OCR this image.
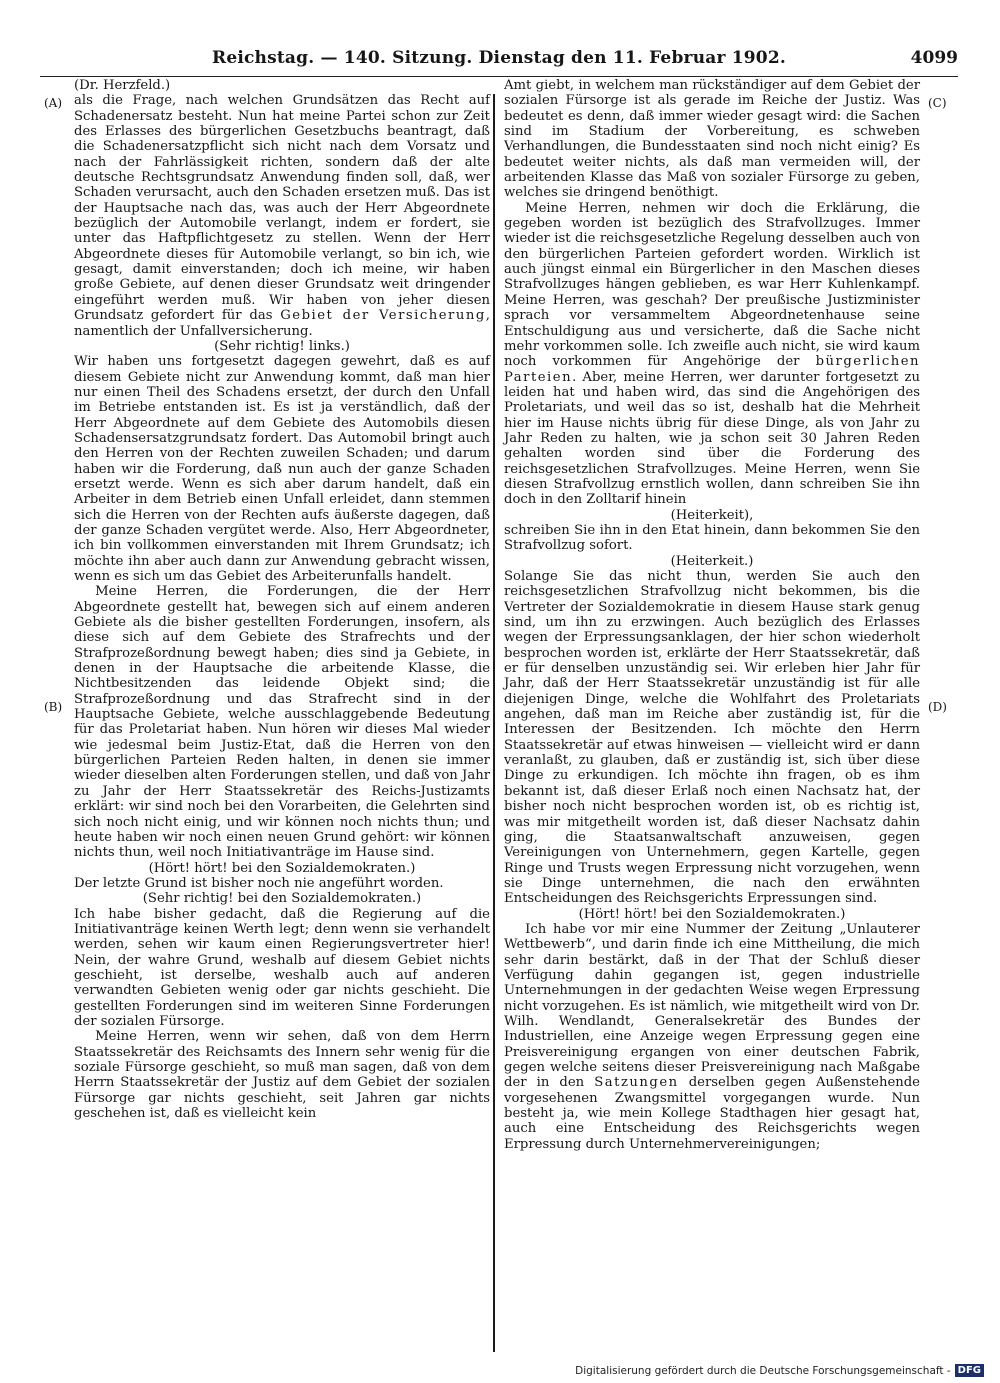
Reichstag. — 140. Sitzung. Dienstag den 11. Februar 1902.	4099
(A)
(B)
(C)
(D)

(Dr. Herzfeld.)

als die Frage, nach welchen Grundsätzen das Recht auf Schadenersatz besteht. Nun hat meine Partei schon zur Zeit des Erlasses des bürgerlichen Gesetzbuchs beantragt, daß die Schadenersatzpflicht sich nicht nach dem Vorsatz und nach der Fahrlässigkeit richten, sondern daß der alte deutsche Rechtsgrundsatz Anwendung finden soll, daß, wer Schaden verursacht, auch den Schaden ersetzen muß. Das ist der Hauptsache nach das, was auch der Herr Abgeordnete bezüglich der Automobile verlangt, indem er fordert, sie unter das Haftpflichtgesetz zu stellen. Wenn der Herr Abgeordnete dieses für Automobile verlangt, so bin ich, wie gesagt, damit einverstanden; doch ich meine, wir haben große Gebiete, auf denen dieser Grundsatz weit dringender eingeführt werden muß. Wir haben von jeher diesen Grundsatz gefordert für das Gebiet der Versicherung, namentlich der Unfallversicherung.

(Sehr richtig! links.)

Wir haben uns fortgesetzt dagegen gewehrt, daß es auf diesem Gebiete nicht zur Anwendung kommt, daß man hier nur einen Theil des Schadens ersetzt, der durch den Unfall im Betriebe entstanden ist. Es ist ja verständlich, daß der Herr Abgeordnete auf dem Gebiete des Automobils diesen Schadensersatzgrundsatz fordert. Das Automobil bringt auch den Herren von der Rechten zuweilen Schaden; und darum haben wir die Forderung, daß nun auch der ganze Schaden ersetzt werde. Wenn es sich aber darum handelt, daß ein Arbeiter in dem Betrieb einen Unfall erleidet, dann stemmen sich die Herren von der Rechten aufs äußerste dagegen, daß der ganze Schaden vergütet werde. Also, Herr Abgeordneter, ich bin vollkommen einverstanden mit Ihrem Grundsatz; ich möchte ihn aber auch dann zur Anwendung gebracht wissen, wenn es sich um das Gebiet des Arbeiterunfalls handelt.

Meine Herren, die Forderungen, die der Herr Abgeordnete gestellt hat, bewegen sich auf einem anderen Gebiete als die bisher gestellten Forderungen, insofern, als diese sich auf dem Gebiete des Strafrechts und der Strafprozeßordnung bewegt haben; dies sind ja Gebiete, in denen in der Hauptsache die arbeitende Klasse, die Nichtbesitzenden das leidende Objekt sind; die Strafprozeßordnung und das Strafrecht sind in der Hauptsache Gebiete, welche ausschlaggebende Bedeutung für das Proletariat haben. Nun hören wir dieses Mal wieder wie jedesmal beim Justiz-Etat, daß die Herren von den bürgerlichen Parteien Reden halten, in denen sie immer wieder dieselben alten Forderungen stellen, und daß von Jahr zu Jahr der Herr Staatssekretär des Reichs-Justizamts erklärt: wir sind noch bei den Vorarbeiten, die Gelehrten sind sich noch nicht einig, und wir können noch nichts thun; und heute haben wir noch einen neuen Grund gehört: wir können nichts thun, weil noch Initiativanträge im Hause sind.

(Hört! hört! bei den Sozialdemokraten.)

Der letzte Grund ist bisher noch nie angeführt worden.

(Sehr richtig! bei den Sozialdemokraten.)

Ich habe bisher gedacht, daß die Regierung auf die Initiativanträge keinen Werth legt; denn wenn sie verhandelt werden, sehen wir kaum einen Regierungsvertreter hier! Nein, der wahre Grund, weshalb auf diesem Gebiet nichts geschieht, ist derselbe, weshalb auch auf anderen verwandten Gebieten wenig oder gar nichts geschieht. Die gestellten Forderungen sind im weiteren Sinne Forderungen der sozialen Fürsorge.

Meine Herren, wenn wir sehen, daß von dem Herrn Staatssekretär des Reichsamts des Innern sehr wenig für die soziale Fürsorge geschieht, so muß man sagen, daß von dem Herrn Staatssekretär der Justiz auf dem Gebiet der sozialen Fürsorge gar nichts geschieht, seit Jahren gar nichts geschehen ist, daß es vielleicht kein

Amt giebt, in welchem man rückständiger auf dem Gebiet der sozialen Fürsorge ist als gerade im Reiche der Justiz. Was bedeutet es denn, daß immer wieder gesagt wird: die Sachen sind im Stadium der Vorbereitung, es schweben Verhandlungen, die Bundesstaaten sind noch nicht einig? Es bedeutet weiter nichts, als daß man vermeiden will, der arbeitenden Klasse das Maß von sozialer Fürsorge zu geben, welches sie dringend benöthigt.

Meine Herren, nehmen wir doch die Erklärung, die gegeben worden ist bezüglich des Strafvollzuges. Immer wieder ist die reichsgesetzliche Regelung desselben auch von den bürgerlichen Parteien gefordert worden. Wirklich ist auch jüngst einmal ein Bürgerlicher in den Maschen dieses Strafvollzuges hängen geblieben, es war Herr Kuhlenkampf. Meine Herren, was geschah? Der preußische Justizminister sprach vor versammeltem Abgeordnetenhause seine Entschuldigung aus und versicherte, daß die Sache nicht mehr vorkommen solle. Ich zweifle auch nicht, sie wird kaum noch vorkommen für Angehörige der bürgerlichen Parteien. Aber, meine Herren, wer darunter fortgesetzt zu leiden hat und haben wird, das sind die Angehörigen des Proletariats, und weil das so ist, deshalb hat die Mehrheit hier im Hause nichts übrig für diese Dinge, als von Jahr zu Jahr Reden zu halten, wie ja schon seit 30 Jahren Reden gehalten worden sind über die Forderung des reichsgesetzlichen Strafvollzuges. Meine Herren, wenn Sie diesen Strafvollzug ernstlich wollen, dann schreiben Sie ihn doch in den Zolltarif hinein

(Heiterkeit),

schreiben Sie ihn in den Etat hinein, dann bekommen Sie den Strafvollzug sofort.

(Heiterkeit.)

Solange Sie das nicht thun, werden Sie auch den reichsgesetzlichen Strafvollzug nicht bekommen, bis die Vertreter der Sozialdemokratie in diesem Hause stark genug sind, um ihn zu erzwingen. Auch bezüglich des Erlasses wegen der Erpressungsanklagen, der hier schon wiederholt besprochen worden ist, erklärte der Herr Staatssekretär, daß er für denselben unzuständig sei. Wir erleben hier Jahr für Jahr, daß der Herr Staatssekretär unzuständig ist für alle diejenigen Dinge, welche die Wohlfahrt des Proletariats angehen, daß man im Reiche aber zuständig ist, für die Interessen der Besitzenden. Ich möchte den Herrn Staatssekretär auf etwas hinweisen — vielleicht wird er dann veranlaßt, zu glauben, daß er zuständig ist, sich über diese Dinge zu erkundigen. Ich möchte ihn fragen, ob es ihm bekannt ist, daß dieser Erlaß noch einen Nachsatz hat, der bisher noch nicht besprochen worden ist, ob es richtig ist, was mir mitgetheilt worden ist, daß dieser Nachsatz dahin ging, die Staatsanwaltschaft anzuweisen, gegen Vereinigungen von Unternehmern, gegen Kartelle, gegen Ringe und Trusts wegen Erpressung nicht vorzugehen, wenn sie Dinge unternehmen, die nach den erwähnten Entscheidungen des Reichsgerichts Erpressungen sind.

(Hört! hört! bei den Sozialdemokraten.)

Ich habe vor mir eine Nummer der Zeitung „Unlauterer Wettbewerb“, und darin finde ich eine Mittheilung, die mich sehr darin bestärkt, daß in der That der Schluß dieser Verfügung dahin gegangen ist, gegen industrielle Unternehmungen in der gedachten Weise wegen Erpressung nicht vorzugehen. Es ist nämlich, wie mitgetheilt wird von Dr. Wilh. Wendlandt, Generalsekretär des Bundes der Industriellen, eine Anzeige wegen Erpressung gegen eine Preisvereinigung ergangen von einer deutschen Fabrik, gegen welche seitens dieser Preisvereinigung nach Maßgabe der in den Satzungen derselben gegen Außenstehende vorgesehenen Zwangsmittel vorgegangen wurde. Nun besteht ja, wie mein Kollege Stadthagen hier gesagt hat, auch eine Entscheidung des Reichsgerichts wegen Erpressung durch Unternehmervereinigungen;

Digitalisierung gefördert durch die Deutsche Forschungsgemeinschaft - DFG
